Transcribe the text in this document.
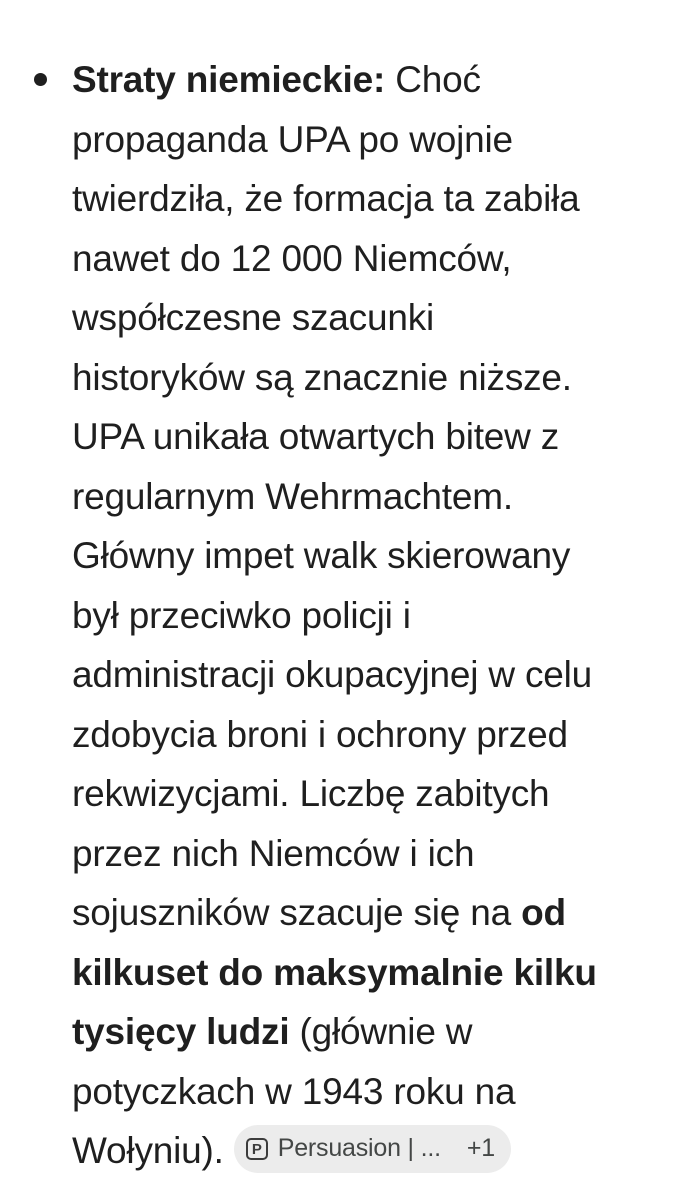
Straty niemieckie: Choć
propaganda UPA po wojnie
twierdziła, że formacja ta zabiła
nawet do 12 000 Niemców,
współczesne szacunki
historyków są znacznie niższe.
UPA unikała otwartych bitew z
regularnym Wehrmachtem.
Główny impet walk skierowany
był przeciwko policji i
administracji okupacyjnej w celu
zdobycia broni i ochrony przed
rekwizycjami. Liczbę zabitych
przez nich Niemców i ich
sojuszników szacuje się na od
kilkuset do maksymalnie kilku
tysięcy ludzi (głównie w
potyczkach w 1943 roku na
Wołyniu).	P Persuasion | ... +1
